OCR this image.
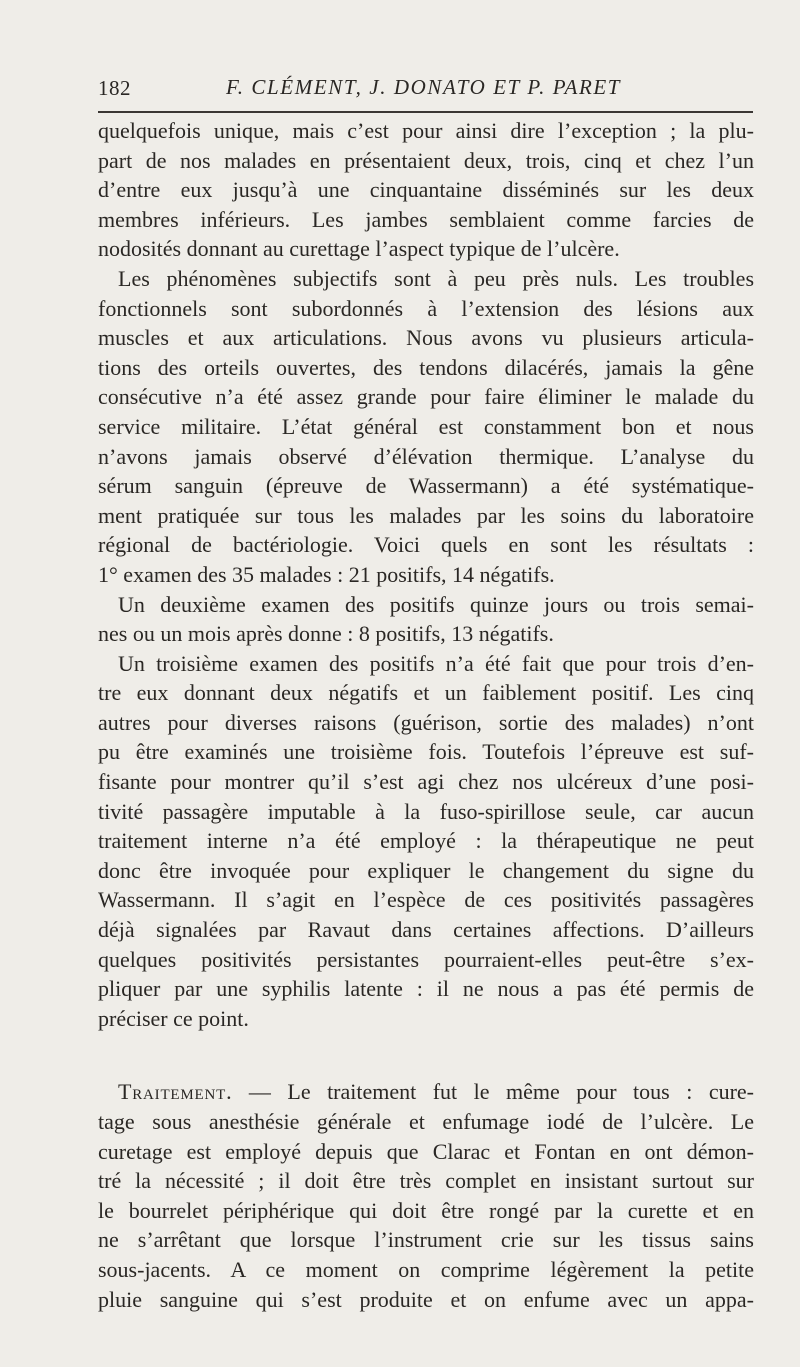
182	F. CLÉMENT, J. DONATO ET P. PARET
quelquefois unique, mais c’est pour ainsi dire l’exception ; la plu-
part de nos malades en présentaient deux, trois, cinq et chez l’un
d’entre eux jusqu’à une cinquantaine disséminés sur les deux
membres inférieurs. Les jambes semblaient comme farcies de
nodosités donnant au curettage l’aspect typique de l’ulcère.
Les phénomènes subjectifs sont à peu près nuls. Les troubles
fonctionnels sont subordonnés à l’extension des lésions aux
muscles et aux articulations. Nous avons vu plusieurs articula-
tions des orteils ouvertes, des tendons dilacérés, jamais la gêne
consécutive n’a été assez grande pour faire éliminer le malade du
service militaire. L’état général est constamment bon et nous
n’avons jamais observé d’élévation thermique. L’analyse du
sérum sanguin (épreuve de Wassermann) a été systématique-
ment pratiquée sur tous les malades par les soins du laboratoire
régional de bactériologie. Voici quels en sont les résultats :
1° examen des 35 malades : 21 positifs, 14 négatifs.
Un deuxième examen des positifs quinze jours ou trois semai-
nes ou un mois après donne : 8 positifs, 13 négatifs.
Un troisième examen des positifs n’a été fait que pour trois d’en-
tre eux donnant deux négatifs et un faiblement positif. Les cinq
autres pour diverses raisons (guérison, sortie des malades) n’ont
pu être examinés une troisième fois. Toutefois l’épreuve est suf-
fisante pour montrer qu’il s’est agi chez nos ulcéreux d’une posi-
tivité passagère imputable à la fuso-spirillose seule, car aucun
traitement interne n’a été employé : la thérapeutique ne peut
donc être invoquée pour expliquer le changement du signe du
Wassermann. Il s’agit en l’espèce de ces positivités passagères
déjà signalées par Ravaut dans certaines affections. D’ailleurs
quelques positivités persistantes pourraient-elles peut-être s’ex-
pliquer par une syphilis latente : il ne nous a pas été permis de
préciser ce point.
Traitement. — Le traitement fut le même pour tous : cure-
tage sous anesthésie générale et enfumage iodé de l’ulcère. Le
curetage est employé depuis que Clarac et Fontan en ont démon-
tré la nécessité ; il doit être très complet en insistant surtout sur
le bourrelet périphérique qui doit être rongé par la curette et en
ne s’arrêtant que lorsque l’instrument crie sur les tissus sains
sous-jacents. A ce moment on comprime légèrement la petite
pluie sanguine qui s’est produite et on enfume avec un appa-
